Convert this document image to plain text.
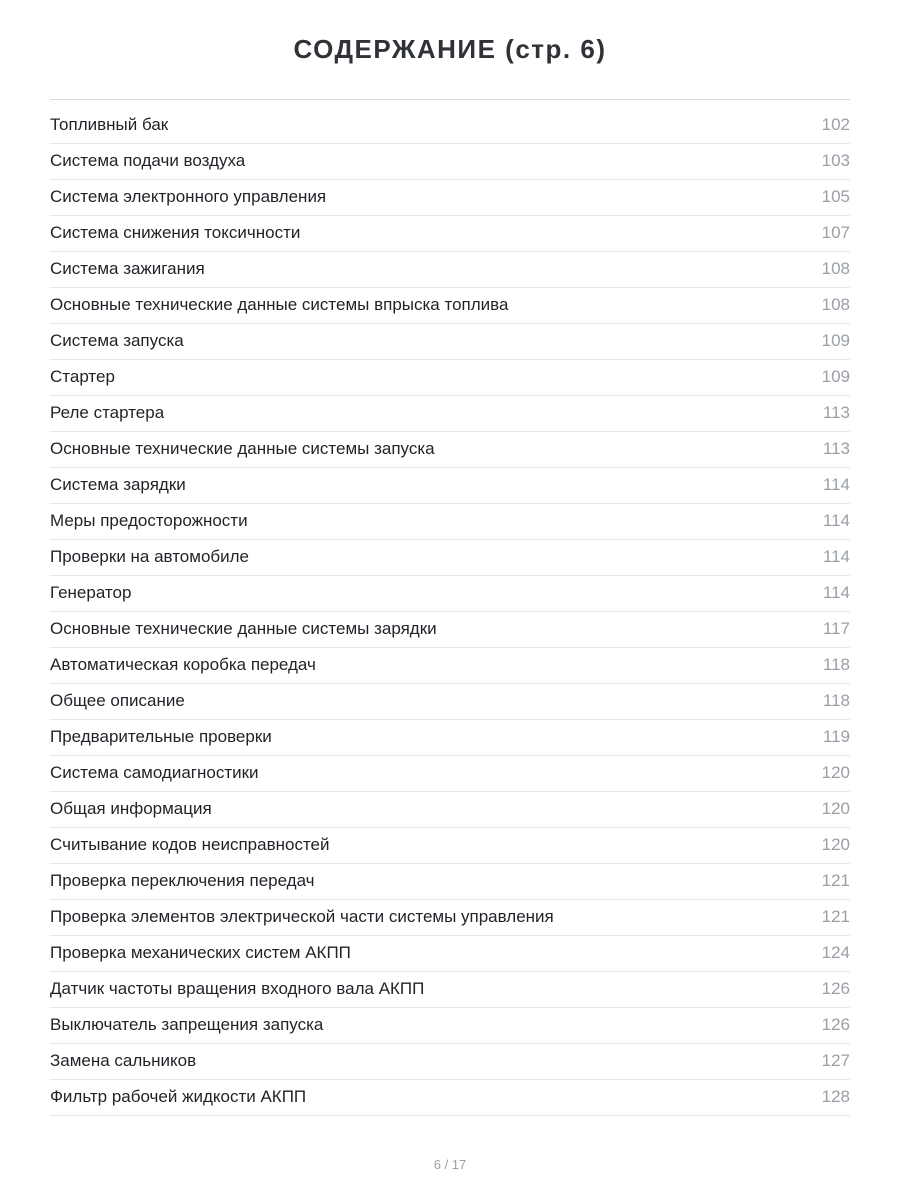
СОДЕРЖАНИЕ (стр. 6)
Топливный бак	102
Система подачи воздуха	103
Система электронного управления	105
Система снижения токсичности	107
Система зажигания	108
Основные технические данные системы впрыска топлива	108
Система запуска	109
Стартер	109
Реле стартера	113
Основные технические данные системы запуска	113
Система зарядки	114
Меры предосторожности	114
Проверки на автомобиле	114
Генератор	114
Основные технические данные системы зарядки	117
Автоматическая коробка передач	118
Общее описание	118
Предварительные проверки	119
Система самодиагностики	120
Общая информация	120
Считывание кодов неисправностей	120
Проверка переключения передач	121
Проверка элементов электрической части системы управления	121
Проверка механических систем АКПП	124
Датчик частоты вращения входного вала АКПП	126
Выключатель запрещения запуска	126
Замена сальников	127
Фильтр рабочей жидкости АКПП	128
6 / 17
